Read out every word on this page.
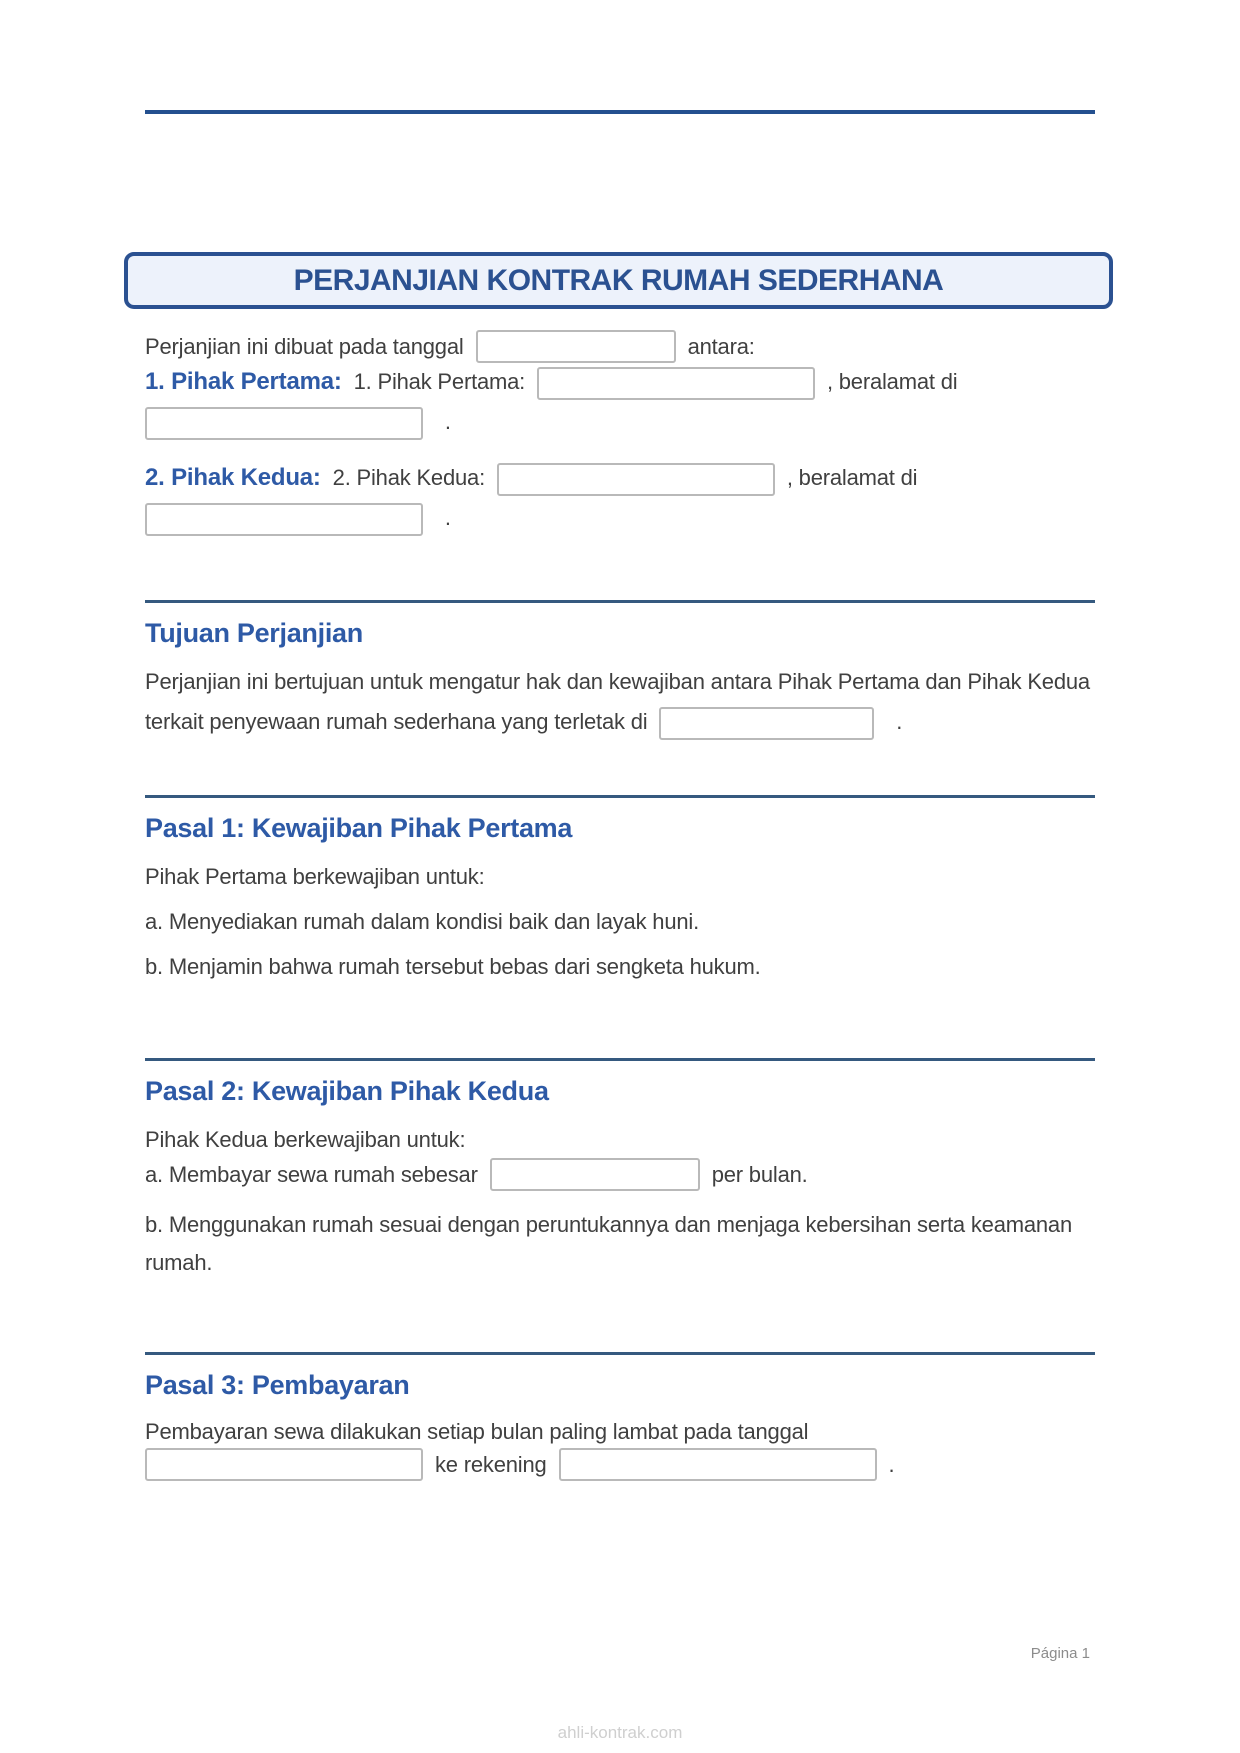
PERJANJIAN KONTRAK RUMAH SEDERHANA
Perjanjian ini dibuat pada tanggal	antara:

1. Pihak Pertama: 1. Pihak Pertama:	, beralamat di  .

2. Pihak Kedua: 2. Pihak Kedua:	, beralamat di  .

Tujuan Perjanjian

Perjanjian ini bertujuan untuk mengatur hak dan kewajiban antara Pihak Pertama dan Pihak Kedua terkait penyewaan rumah sederhana yang terletak di	.

Pasal 1: Kewajiban Pihak Pertama

Pihak Pertama berkewajiban untuk:

a. Menyediakan rumah dalam kondisi baik dan layak huni.

b. Menjamin bahwa rumah tersebut bebas dari sengketa hukum.

Pasal 2: Kewajiban Pihak Kedua

Pihak Kedua berkewajiban untuk:

a. Membayar sewa rumah sebesar	per bulan.

b. Menggunakan rumah sesuai dengan peruntukannya dan menjaga kebersihan serta keamanan rumah.

Pasal 3: Pembayaran

Pembayaran sewa dilakukan setiap bulan paling lambat pada tanggal

ke rekening	.
Página 1
ahli-kontrak.com
